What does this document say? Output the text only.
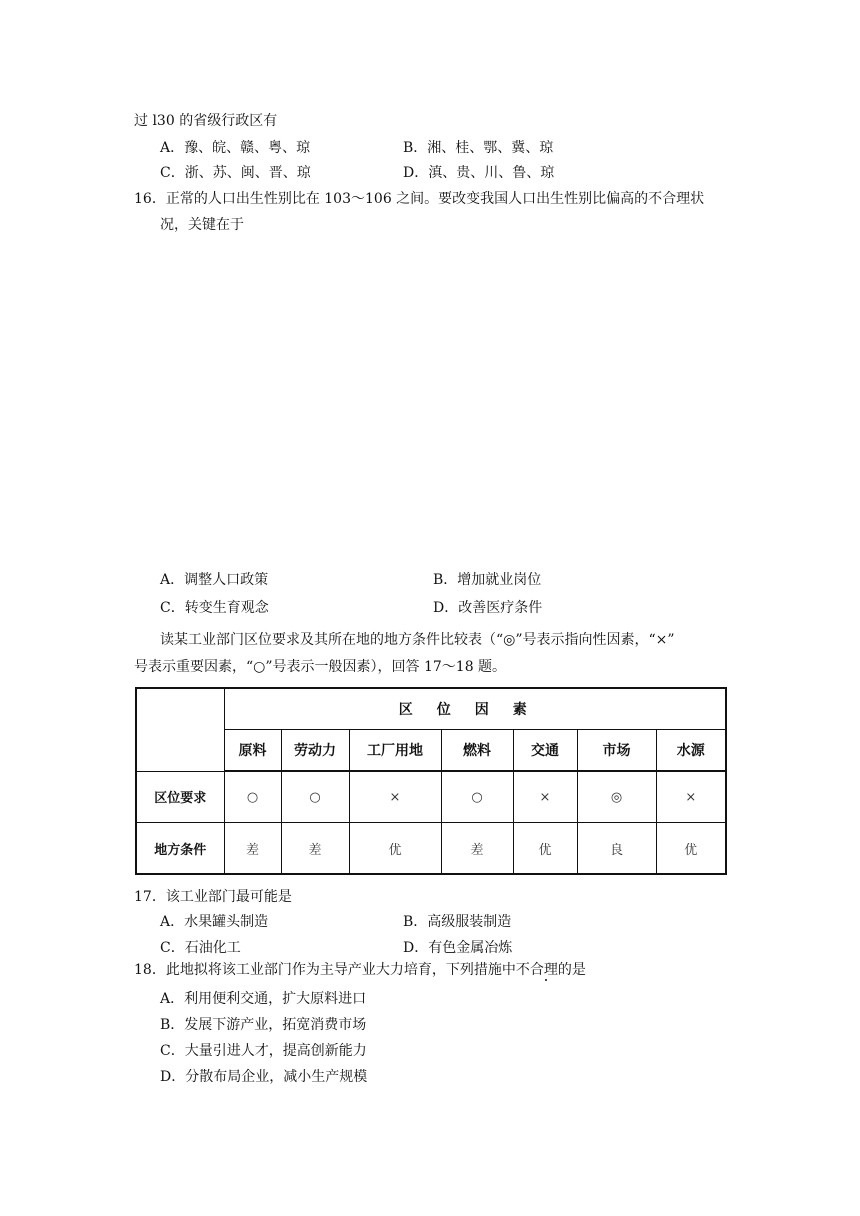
过 l30 的省级行政区有
A．豫、皖、赣、粤、琼	B．湘、桂、鄂、冀、琼
C．浙、苏、闽、晋、琼	D．滇、贵、川、鲁、琼
16．正常的人口出生性别比在 103～106 之间。要改变我国人口出生性别比偏高的不合理状
况，关键在于
A．调整人口政策	B．增加就业岗位
C．转变生育观念	D．改善医疗条件
读某工业部门区位要求及其所在地的地方条件比较表（“◎”号表示指向性因素，“×”
号表示重要因素，“○”号表示一般因素），回答 17～18 题。
	区位因素						
	原料	劳动力	工厂用地	燃料	交通	市场	水源
区位要求	○	○	×	○	×	◎	×
地方条件	差	差	优	差	优	良	优
17．该工业部门最可能是
A．水果罐头制造	B．高级服装制造
C．石油化工	D．有色金属冶炼
18．此地拟将该工业部门作为主导产业大力培育，下列措施中不合理的是
A．利用便利交通，扩大原料进口
B．发展下游产业，拓宽消费市场
C．大量引进人才，提高创新能力
D．分散布局企业，减小生产规模
